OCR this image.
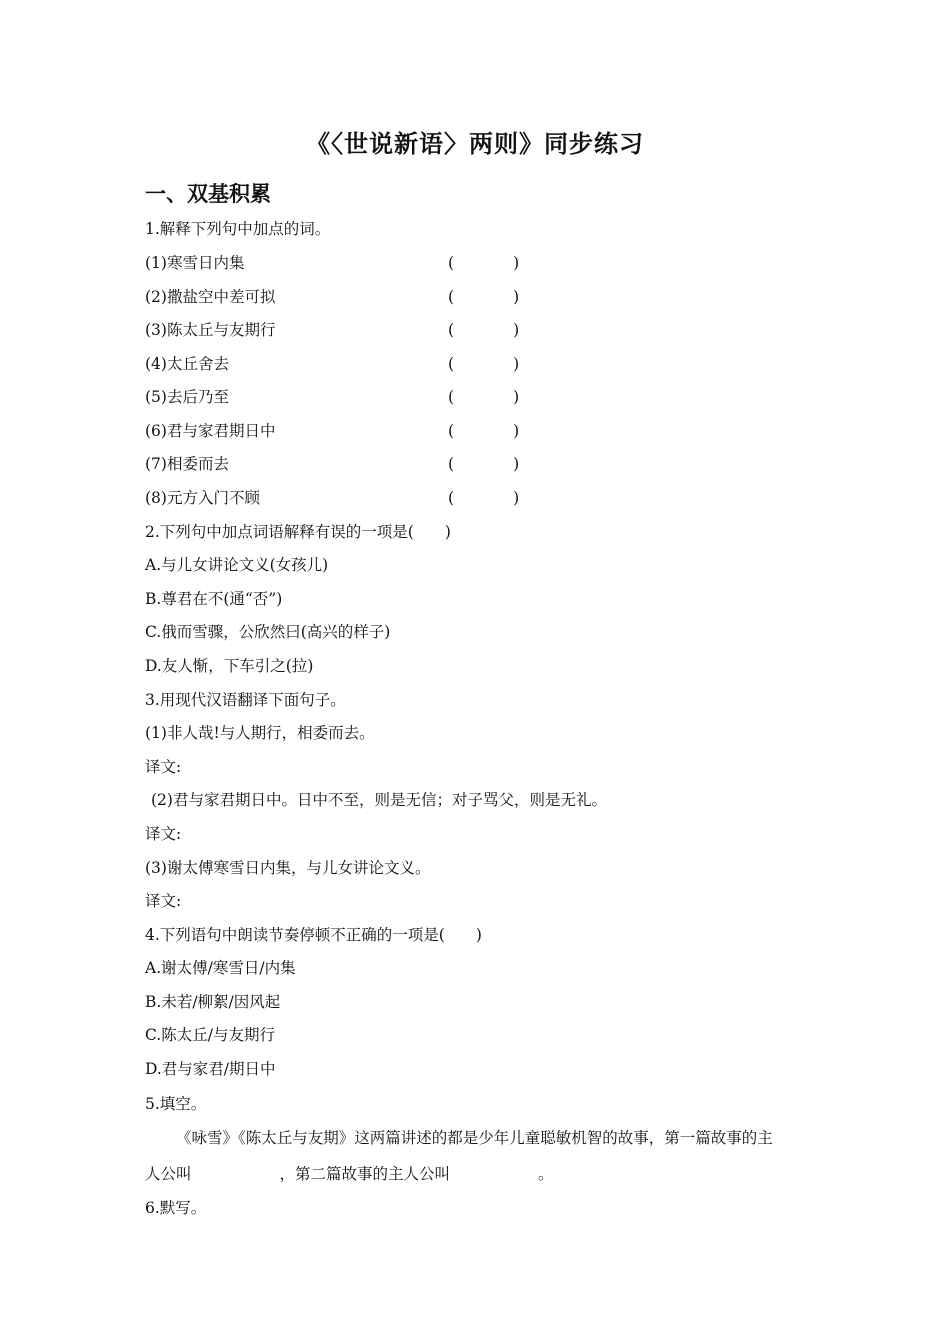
《〈世说新语〉两则》同步练习
一、双基积累
1.解释下列句中加点的词。
(1)寒雪日内集	(            )
(2)撒盐空中差可拟	(            )
(3)陈太丘与友期行	(            )
(4)太丘舍去	(            )
(5)去后乃至	(            )
(6)君与家君期日中	(            )
(7)相委而去	(            )
(8)元方入门不顾	(            )
2.下列句中加点词语解释有误的一项是(　　)
A.与儿女讲论文义(女孩儿)
B.尊君在不(通“否”)
C.俄而雪骤，公欣然曰(高兴的样子)
D.友人惭，下车引之(拉)
3.用现代汉语翻译下面句子。
(1)非人哉!与人期行，相委而去。
译文:
(2)君与家君期日中。日中不至，则是无信；对子骂父，则是无礼。
译文:
(3)谢太傅寒雪日内集，与儿女讲论文义。
译文:
4.下列语句中朗读节奏停顿不正确的一项是(　　)
A.谢太傅/寒雪日/内集
B.未若/柳絮/因风起
C.陈太丘/与友期行
D.君与家君/期日中
5.填空。
《咏雪》《陈太丘与友期》这两篇讲述的都是少年儿童聪敏机智的故事，第一篇故事的主
人公叫	，第二篇故事的主人公叫	。
6.默写。
